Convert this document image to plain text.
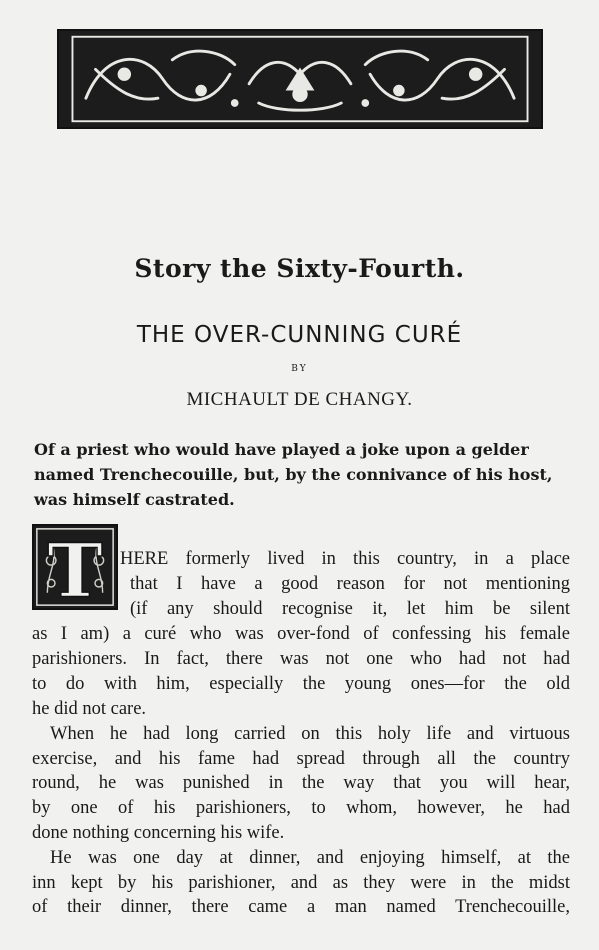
Story the Sixty-Fourth.
THE OVER-CUNNING CURÉ
BY
MICHAULT DE CHANGY.
Of a priest who would have played a joke upon a gelder
named Trenchecouille, but, by the connivance of his host,
was himself castrated.
T HERE formerly lived in this country, in a place
that I have a good reason for not mentioning
(if any should recognise it, let him be silent
as I am) a curé who was over-fond of confessing his female
parishioners. In fact, there was not one who had not had
to do with him, especially the young ones—for the old
he did not care.
When he had long carried on this holy life and virtuous
exercise, and his fame had spread through all the country
round, he was punished in the way that you will hear,
by one of his parishioners, to whom, however, he had
done nothing concerning his wife.
He was one day at dinner, and enjoying himself, at the
inn kept by his parishioner, and as they were in the midst
of their dinner, there came a man named Trenchecouille,
